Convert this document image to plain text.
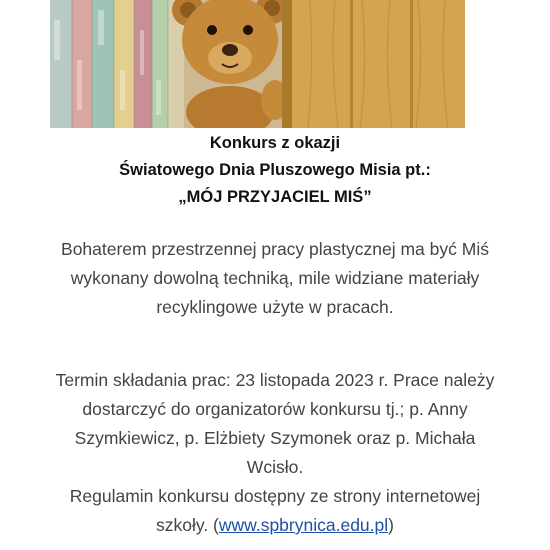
Konkurs z okazji

Światowego Dnia Pluszowego Misia pt.:

„MÓJ PRZYJACIEL MIŚ”

Bohaterem przestrzennej pracy plastycznej ma być Miś

wykonany dowolną techniką, mile widziane materiały

recyklingowe użyte w pracach.

Termin składania prac: 23 listopada 2023 r. Prace należy

dostarczyć do organizatorów konkursu tj.; p. Anny

Szymkiewicz, p. Elżbiety Szymonek oraz p. Michała

Wcisło.

Regulamin konkursu dostępny ze strony internetowej

szkoły. (www.spbrynica.edu.pl)
